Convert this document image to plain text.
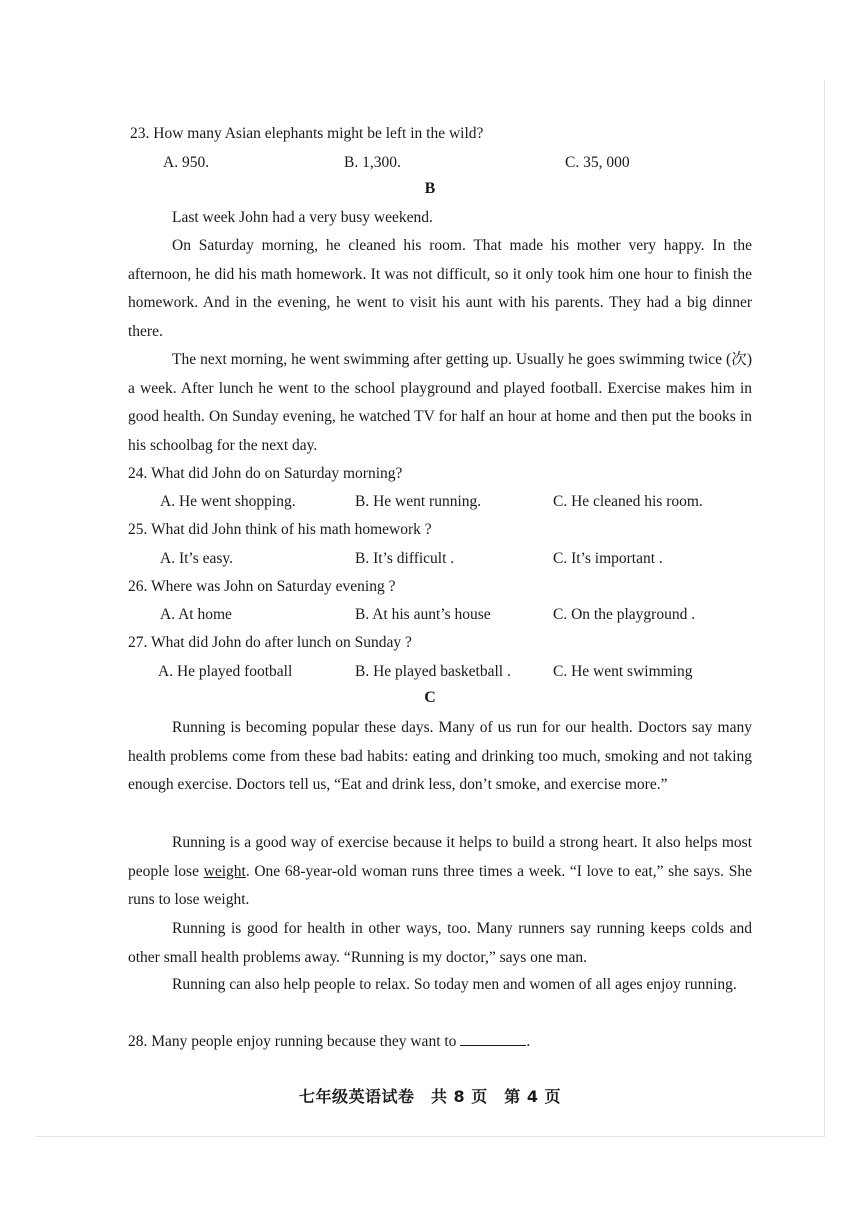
23. How many Asian elephants might be left in the wild?
A. 950.	B. 1,300.	C. 35, 000
B
Last week John had a very busy weekend.
On Saturday morning, he cleaned his room. That made his mother very happy. In the afternoon, he did his math homework. It was not difficult, so it only took him one hour to finish the homework. And in the evening, he went to visit his aunt with his parents. They had a big dinner there.
The next morning, he went swimming after getting up. Usually he goes swimming twice (次) a week. After lunch he went to the school playground and played football. Exercise makes him in good health. On Sunday evening, he watched TV for half an hour at home and then put the books in his schoolbag for the next day.
24. What did John do on Saturday morning?
A. He went shopping.	B. He went running.	C. He cleaned his room.
25. What did John think of his math homework ?
A. It’s easy.	B. It’s difficult .	C. It’s important .
26. Where was John on Saturday evening ?
A. At home	B. At his aunt’s house	C. On the playground .
27. What did John do after lunch on Sunday ?
A. He played football	B. He played basketball .	C. He went swimming
C
Running is becoming popular these days. Many of us run for our health. Doctors say many health problems come from these bad habits: eating and drinking too much, smoking and not taking enough exercise. Doctors tell us, “Eat and drink less, don’t smoke, and exercise more.”
Running is a good way of exercise because it helps to build a strong heart. It also helps most people lose weight. One 68-year-old woman runs three times a week. “I love to eat,” she says. She runs to lose weight.
Running is good for health in other ways, too. Many runners say running keeps colds and other small health problems away. “Running is my doctor,” says one man.
Running can also help people to relax. So today men and women of all ages enjoy running.
28. Many people enjoy running because they want to	.
七年级英语试卷　共 8 页　第 4 页
